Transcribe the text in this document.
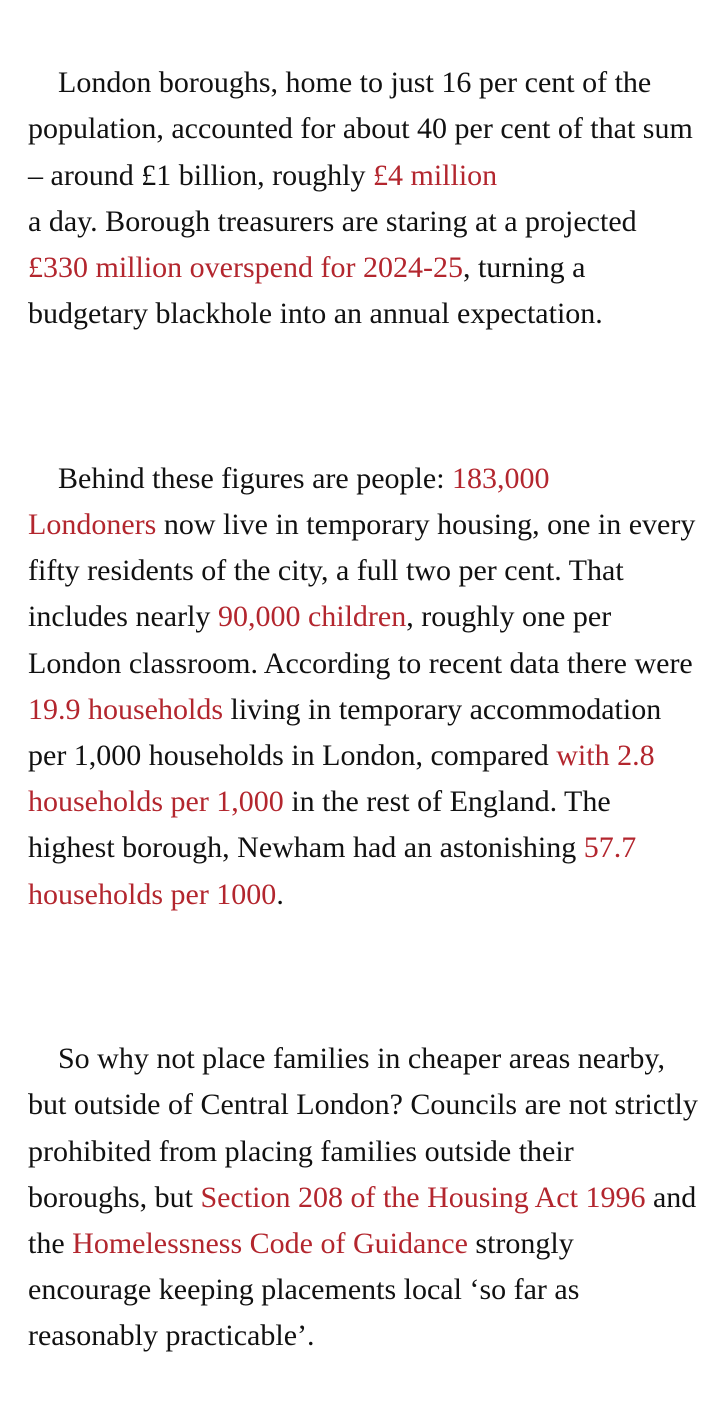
London boroughs, home to just 16 per cent of the population, accounted for about 40 per cent of that sum – around £1 billion, roughly £4 million
a day. Borough treasurers are staring at a projected £330 million overspend for 2024-25, turning a budgetary blackhole into an annual expectation.

Behind these figures are people: 183,000
Londoners now live in temporary housing, one in every fifty residents of the city, a full two per cent. That includes nearly 90,000 children, roughly one per London classroom. According to recent data there were 19.9 households living in temporary accommodation per 1,000 households in London, compared with 2.8 households per 1,000 in the rest of England. The highest borough, Newham had an astonishing 57.7 households per 1000.

So why not place families in cheaper areas nearby, but outside of Central London? Councils are not strictly prohibited from placing families outside their boroughs, but Section 208 of the Housing Act 1996 and the Homelessness Code of Guidance strongly encourage keeping placements local ‘so far as reasonably practicable’.
